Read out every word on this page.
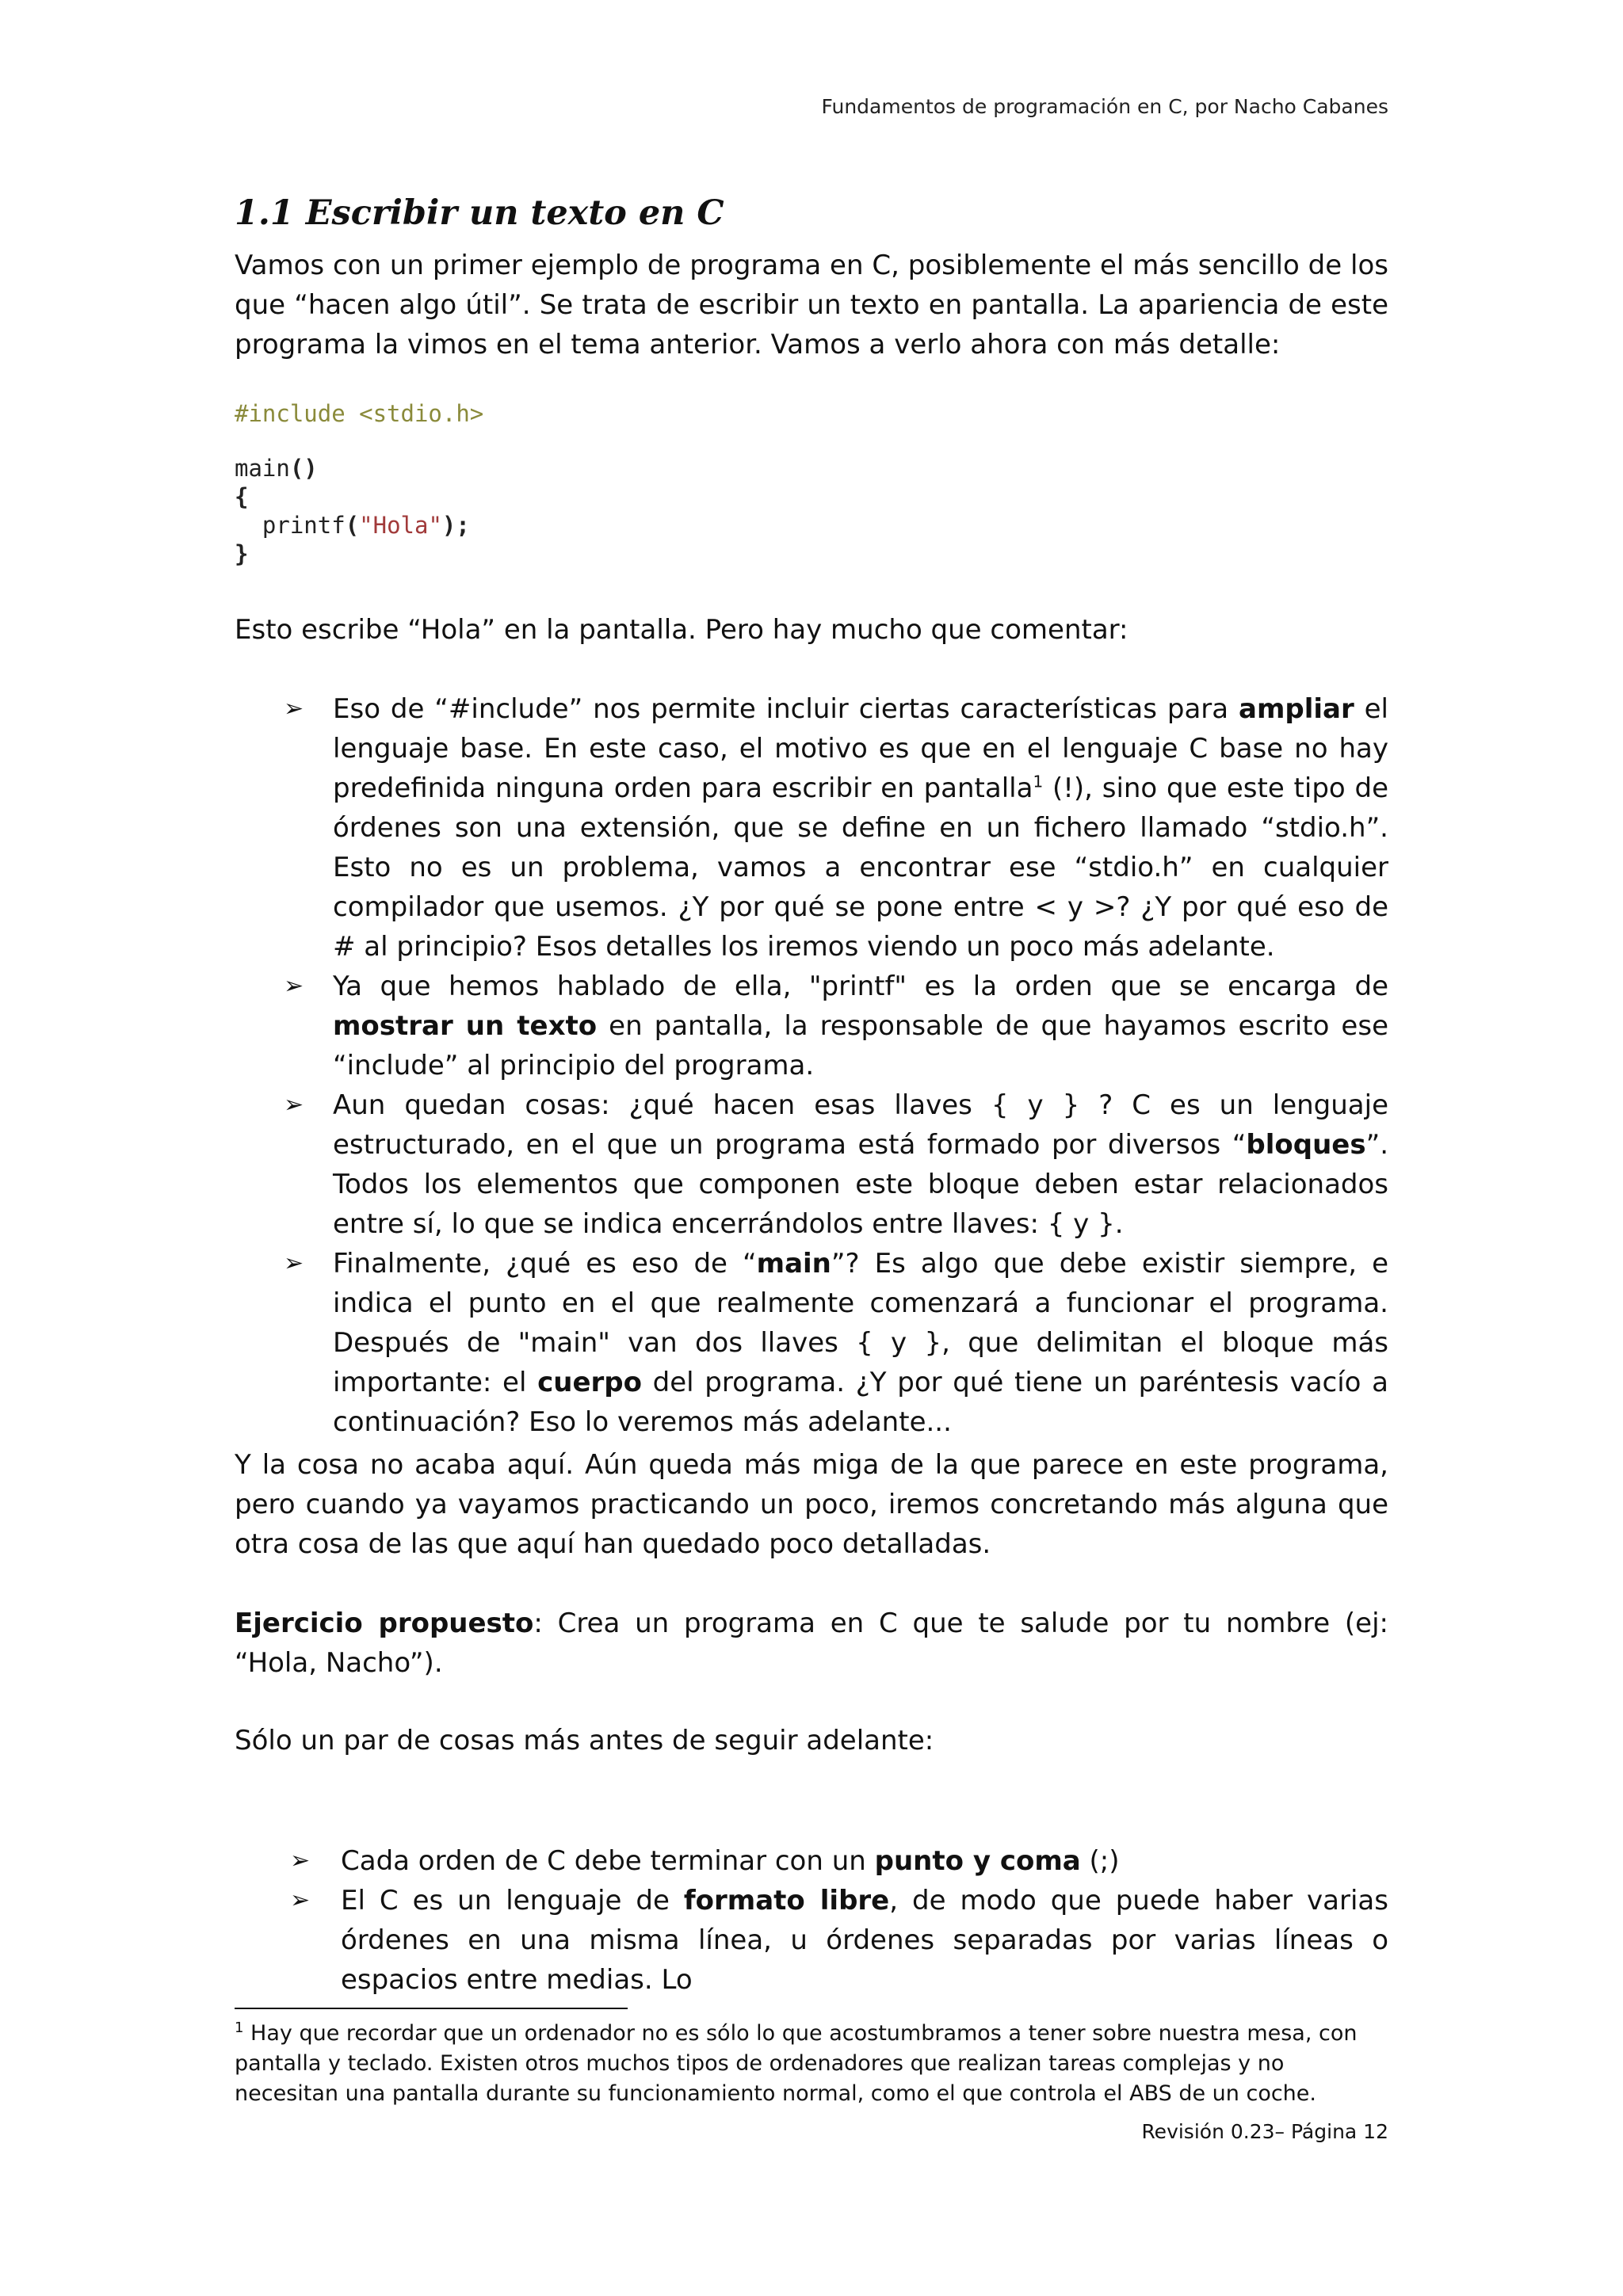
Fundamentos de programación en C, por Nacho Cabanes
1.1 Escribir un texto en C

Vamos con un primer ejemplo de programa en C, posiblemente el más sencillo de los que “hacen algo útil”. Se trata de escribir un texto en pantalla. La apariencia de este programa la vimos en el tema anterior. Vamos a verlo ahora con más detalle:

#include <stdio.h>
main()
{
printf("Hola");
}

Esto escribe “Hola” en la pantalla. Pero hay mucho que comentar:

➢ Eso de “#include” nos permite incluir ciertas características para ampliar el lenguaje base. En este caso, el motivo es que en el lenguaje C base no hay predefinida ninguna orden para escribir en pantalla$^1$ (!), sino que este tipo de órdenes son una extensión, que se define en un fichero llamado “stdio.h”. Esto no es un problema, vamos a encontrar ese “stdio.h” en cualquier compilador que usemos. ¿Y por qué se pone entre < y >? ¿Y por qué eso de # al principio? Esos detalles los iremos viendo un poco más adelante.
➢ Ya que hemos hablado de ella, "printf" es la orden que se encarga de mostrar un texto en pantalla, la responsable de que hayamos escrito ese “include” al principio del programa.
➢ Aun quedan cosas: ¿qué hacen esas llaves { y } ? C es un lenguaje estructurado, en el que un programa está formado por diversos “bloques”. Todos los elementos que componen este bloque deben estar relacionados entre sí, lo que se indica encerrándolos entre llaves: { y }.
➢ Finalmente, ¿qué es eso de “main”? Es algo que debe existir siempre, e indica el punto en el que realmente comenzará a funcionar el programa. Después de "main" van dos llaves { y }, que delimitan el bloque más importante: el cuerpo del programa. ¿Y por qué tiene un paréntesis vacío a continuación? Eso lo veremos más adelante...

Y la cosa no acaba aquí. Aún queda más miga de la que parece en este programa, pero cuando ya vayamos practicando un poco, iremos concretando más alguna que otra cosa de las que aquí han quedado poco detalladas.

Ejercicio propuesto: Crea un programa en C que te salude por tu nombre (ej: “Hola, Nacho”).

Sólo un par de cosas más antes de seguir adelante:

➢ Cada orden de C debe terminar con un punto y coma (;)
➢ El C es un lenguaje de formato libre, de modo que puede haber varias órdenes en una misma línea, u órdenes separadas por varias líneas o espacios entre medias. Lo

$^1$ Hay que recordar que un ordenador no es sólo lo que acostumbramos a tener sobre nuestra mesa, con pantalla y teclado. Existen otros muchos tipos de ordenadores que realizan tareas complejas y no necesitan una pantalla durante su funcionamiento normal, como el que controla el ABS de un coche.

Revisión 0.23– Página 12
